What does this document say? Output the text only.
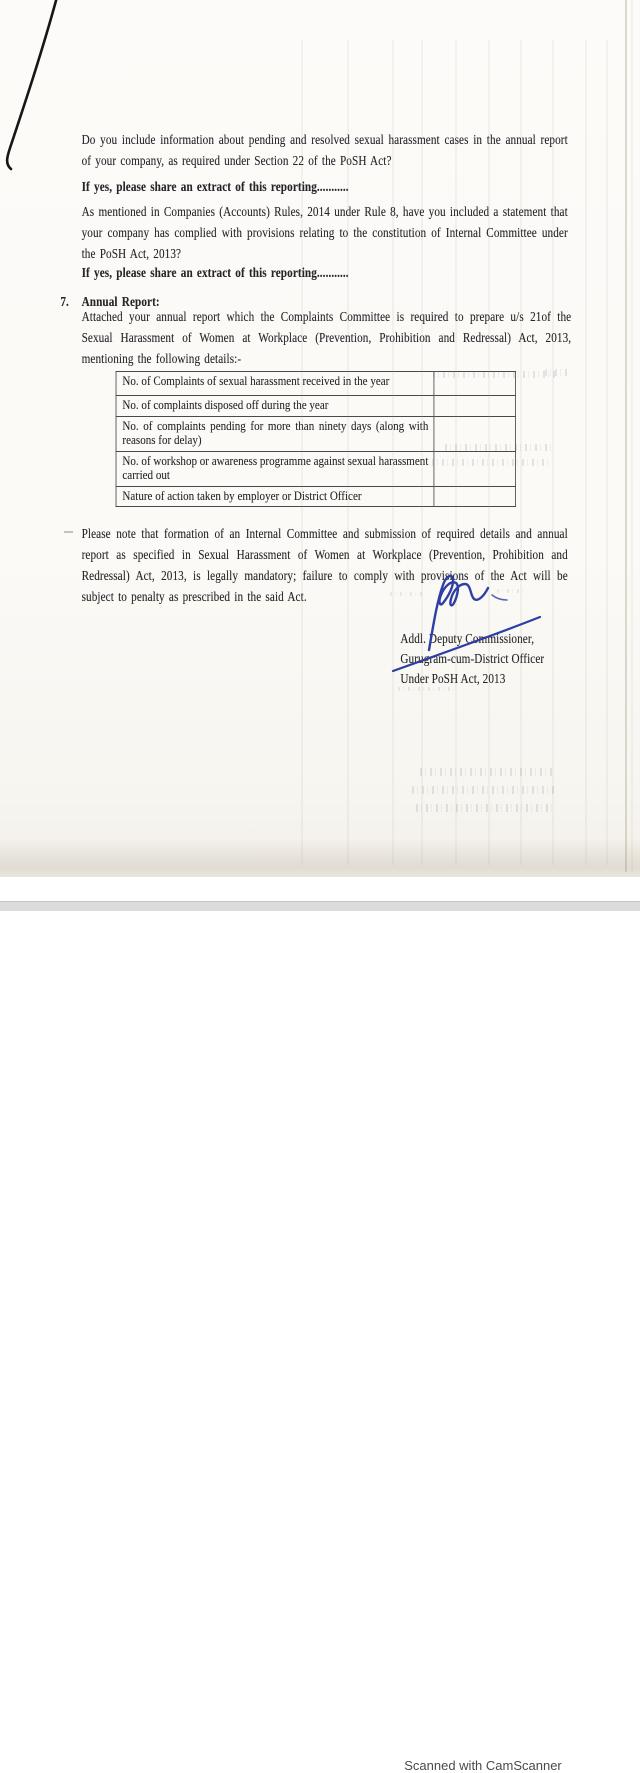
Do you include information about pending and resolved sexual harassment cases in the annual report of your company, as required under Section 22 of the PoSH Act?
If yes, please share an extract of this reporting...........
As mentioned in Companies (Accounts) Rules, 2014 under Rule 8, have you included a statement that your company has complied with provisions relating to the constitution of Internal Committee under the PoSH Act, 2013?
If yes, please share an extract of this reporting...........
7. Annual Report:
Attached your annual report which the Complaints Committee is required to prepare u/s 21of the Sexual Harassment of Women at Workplace (Prevention, Prohibition and Redressal) Act, 2013, mentioning the following details:-
No. of Complaints of sexual harassment received in the year	
No. of complaints disposed off during the year	
No. of complaints pending for more than ninety days (along with reasons for delay)	
No. of workshop or awareness programme against sexual harassment carried out	
Nature of action taken by employer or District Officer	
Please note that formation of an Internal Committee and submission of required details and annual report as specified in Sexual Harassment of Women at Workplace (Prevention, Prohibition and Redressal) Act, 2013, is legally mandatory; failure to comply with provisions of the Act will be subject to penalty as prescribed in the said Act.
Addl. Deputy Commissioner,
Gurugram-cum-District Officer
Under PoSH Act, 2013
Scanned with CamScanner
